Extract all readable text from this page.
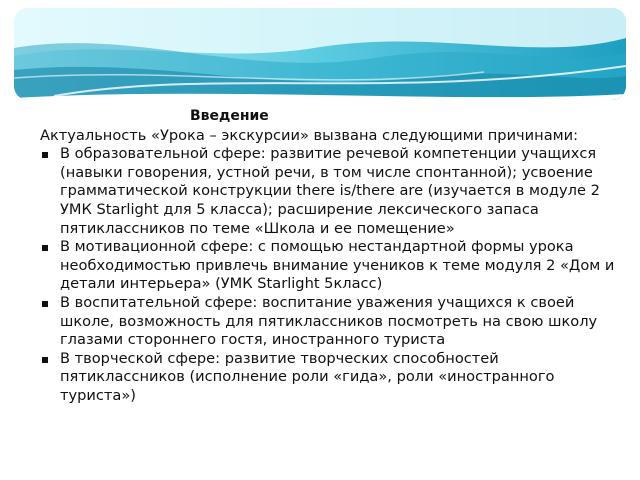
Введение

Актуальность «Урока – экскурсии» вызвана следующими причинами:

В образовательной сфере: развитие речевой компетенции учащихся (навыки говорения, устной речи, в том числе спонтанной); усвоение грамматической конструкции there is/there are (изучается в модуле 2 УМК Starlight для 5 класса); расширение лексического запаса пятиклассников по теме «Школа и ее помещение»
В мотивационной сфере: с помощью нестандартной формы урока необходимостью привлечь внимание учеников к теме модуля 2 «Дом и детали интерьера» (УМК Starlight 5класс)
В воспитательной сфере: воспитание уважения учащихся к своей школе, возможность для пятиклассников посмотреть на свою школу глазами стороннего гостя, иностранного туриста
В творческой сфере: развитие творческих способностей пятиклассников (исполнение роли «гида», роли «иностранного туриста»)
